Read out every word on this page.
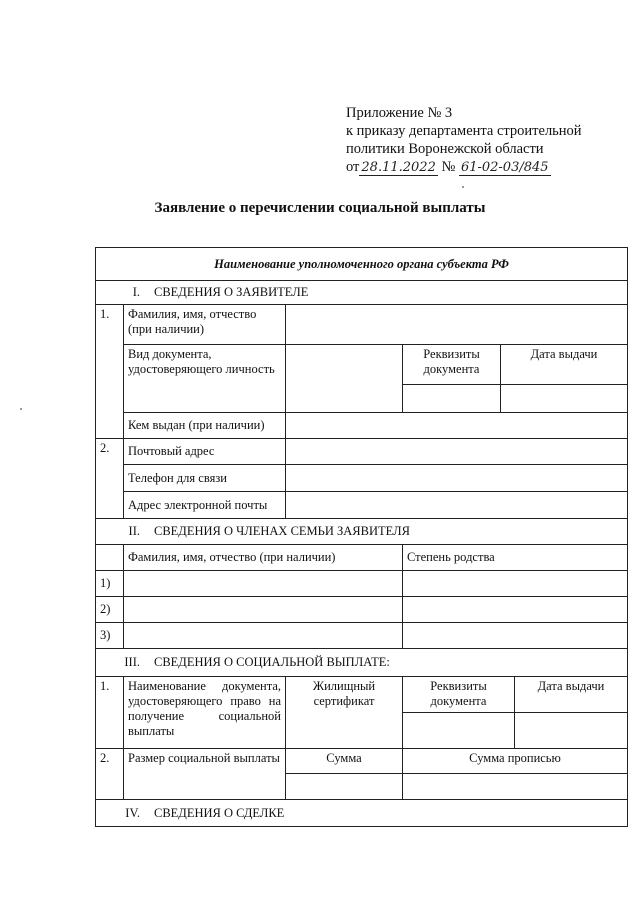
Приложение № 3
к приказу департамента строительной
политики Воронежской области
от 28.11.2022 № 61-02-03/845
Заявление о перечислении социальной выплаты
Наименование уполномоченного органа субъекта РФ					
I. СВЕДЕНИЯ О ЗАЯВИТЕЛЕ					
1.	Фамилия, имя, отчество (при наличии)				
	Вид документа, удостоверяющего личность		Реквизиты документа	Дата выдачи	

	Кем выдан (при наличии)				
2.	Почтовый адрес				
	Телефон для связи				
	Адрес электронной почты				
II. СВЕДЕНИЯ О ЧЛЕНАХ СЕМЬИ ЗАЯВИТЕЛЯ					
	Фамилия, имя, отчество (при наличии)		Степень родства		
1)					
2)					
3)					
III. СВЕДЕНИЯ О СОЦИАЛЬНОЙ ВЫПЛАТЕ:					
1.	Наименование документа, удостоверяющего право на получение социальной выплаты	Жилищный сертификат	Реквизиты документа		Дата выдачи

2.	Размер социальной выплаты	Сумма	Сумма прописью		

IV. СВЕДЕНИЯ О СДЕЛКЕ					
